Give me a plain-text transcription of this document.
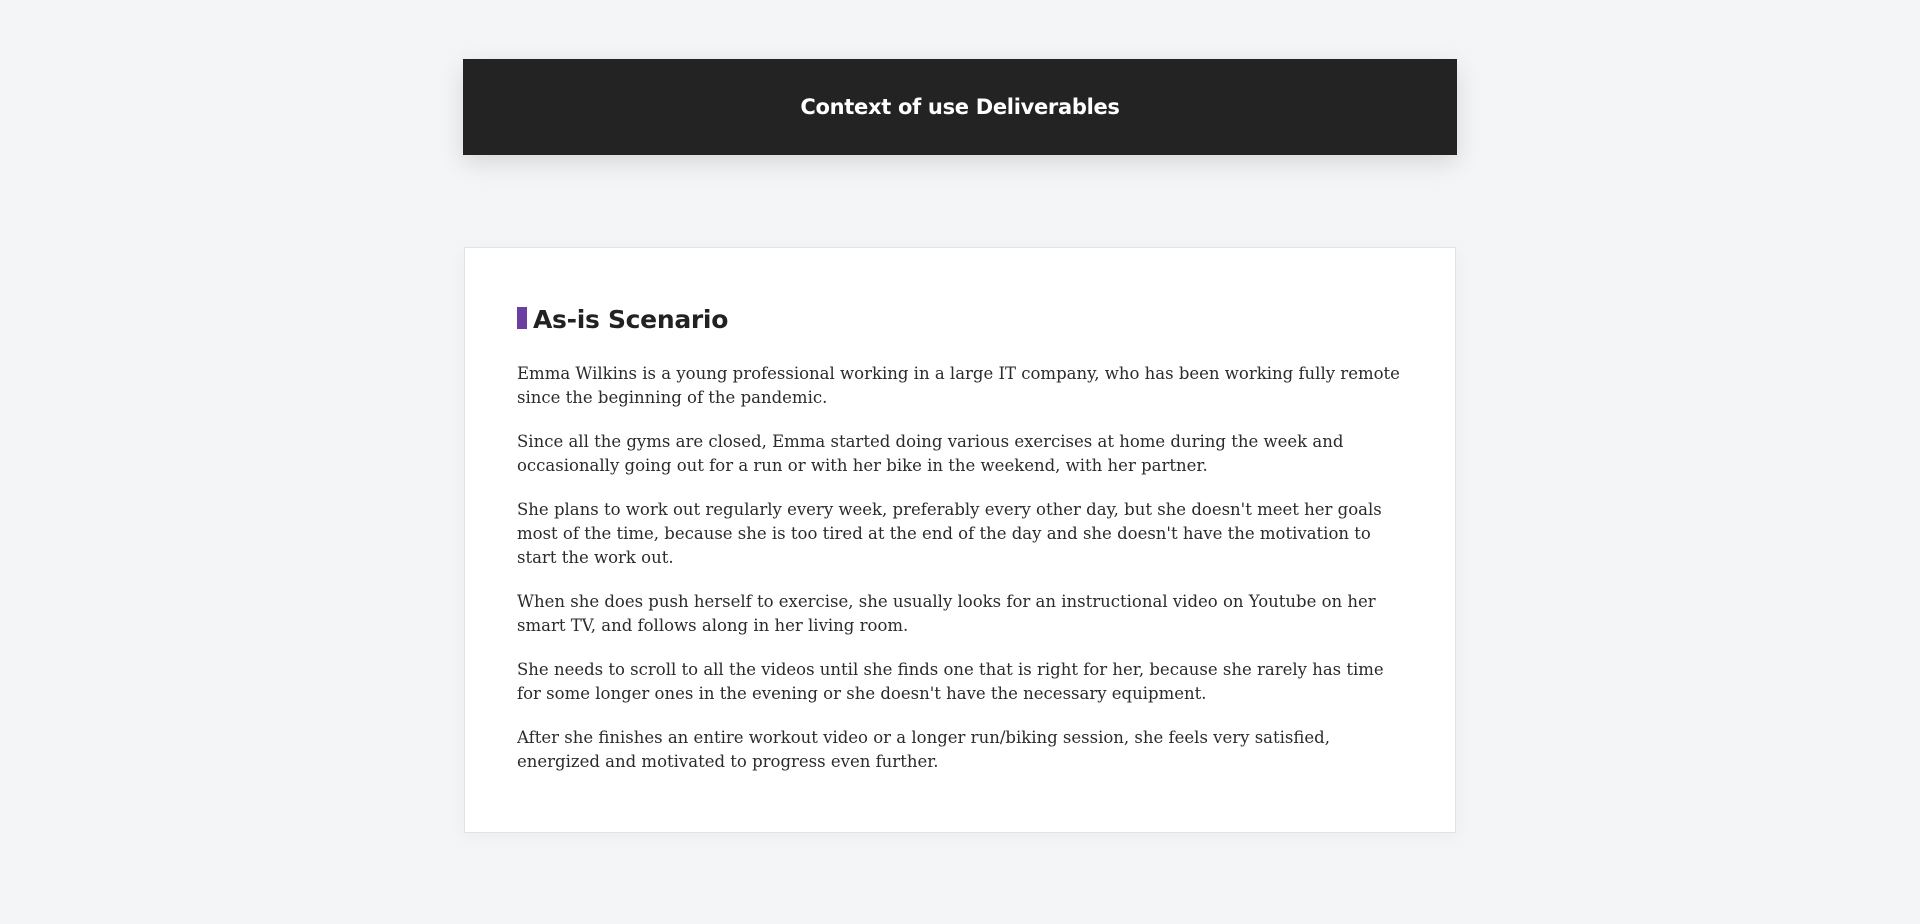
Context of use Deliverables
As-is Scenario

Emma Wilkins is a young professional working in a large IT company, who has been working fully remote since the beginning of the pandemic.

Since all the gyms are closed, Emma started doing various exercises at home during the week and occasionally going out for a run or with her bike in the weekend, with her partner.

She plans to work out regularly every week, preferably every other day, but she doesn't meet her goals most of the time, because she is too tired at the end of the day and she doesn't have the motivation to start the work out.

When she does push herself to exercise, she usually looks for an instructional video on Youtube on her smart TV, and follows along in her living room.

She needs to scroll to all the videos until she finds one that is right for her, because she rarely has time for some longer ones in the evening or she doesn't have the necessary equipment.

After she finishes an entire workout video or a longer run/biking session, she feels very satisfied, energized and motivated to progress even further.
